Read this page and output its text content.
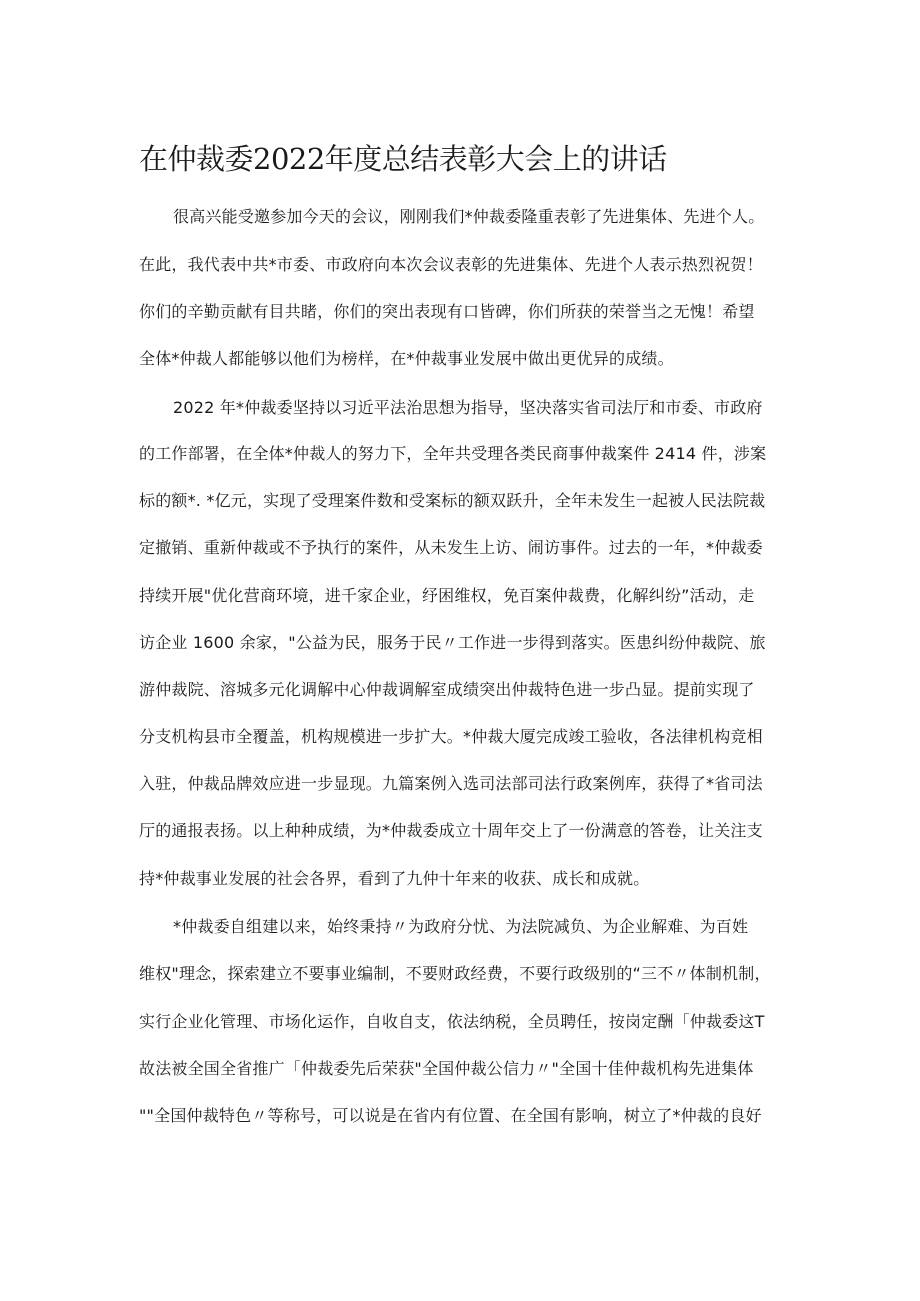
在仲裁委2022年度总结表彰大会上的讲话
很高兴能受邀参加今天的会议，刚刚我们*仲裁委隆重表彰了先进集体、先进个人。
在此，我代表中共*市委、市政府向本次会议表彰的先进集体、先进个人表示热烈祝贺！
你们的辛勤贡献有目共睹，你们的突出表现有口皆碑，你们所获的荣誉当之无愧！希望
全体*仲裁人都能够以他们为榜样，在*仲裁事业发展中做出更优异的成绩。
2022 年*仲裁委坚持以习近平法治思想为指导，坚决落实省司法厅和市委、市政府
的工作部署，在全体*仲裁人的努力下，全年共受理各类民商事仲裁案件 2414 件，涉案
标的额*. *亿元，实现了受理案件数和受案标的额双跃升，全年未发生一起被人民法院裁
定撤销、重新仲裁或不予执行的案件，从未发生上访、闹访事件。过去的一年，*仲裁委
持续开展"优化营商环境，进千家企业，纾困维权，免百案仲裁费，化解纠纷”活动，走
访企业 1600 余家，"公益为民，服务于民〃工作进一步得到落实。医患纠纷仲裁院、旅
游仲裁院、溶城多元化调解中心仲裁调解室成绩突出仲裁特色进一步凸显。提前实现了
分支机构县市全覆盖，机构规模进一步扩大。*仲裁大厦完成竣工验收，各法律机构竞相
入驻，仲裁品牌效应进一步显现。九篇案例入选司法部司法行政案例库，获得了*省司法
厅的通报表扬。以上种种成绩，为*仲裁委成立十周年交上了一份满意的答卷，让关注支
持*仲裁事业发展的社会各界，看到了九仲十年来的收获、成长和成就。
*仲裁委自组建以来，始终秉持〃为政府分忧、为法院减负、为企业解难、为百姓
维权"理念，探索建立不要事业编制，不要财政经费，不要行政级别的“三不〃体制机制，
实行企业化管理、市场化运作，自收自支，依法纳税，全员聘任，按岗定酬「仲裁委这T
故法被全国全省推广「仲裁委先后荣获"全国仲裁公信力〃"全国十佳仲裁机构先进集体
""全国仲裁特色〃等称号，可以说是在省内有位置、在全国有影响，树立了*仲裁的良好
